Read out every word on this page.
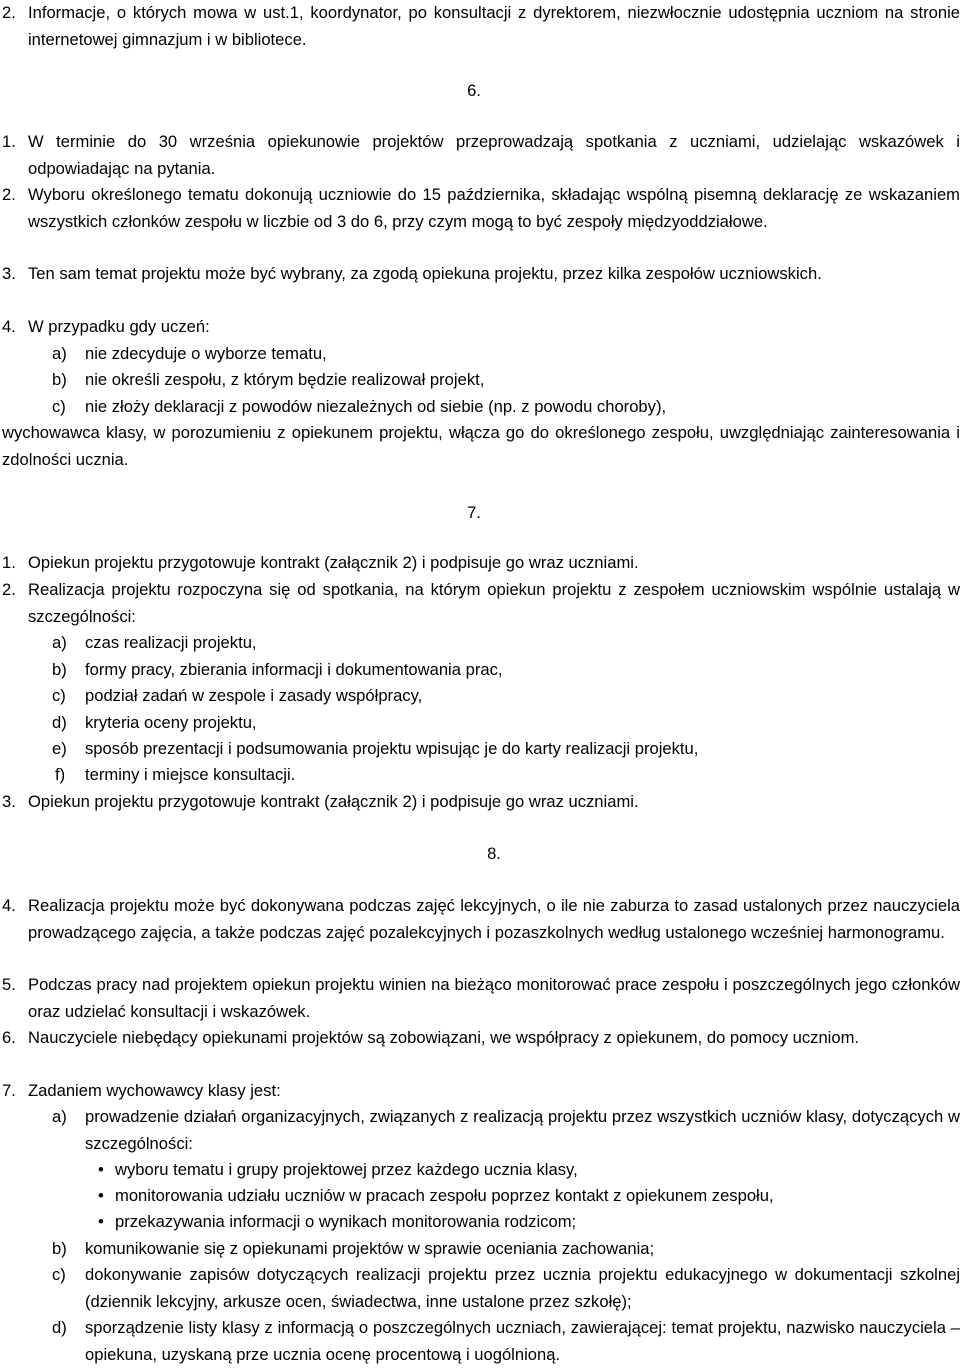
2. Informacje, o których mowa w ust.1, koordynator, po konsultacji z dyrektorem, niezwłocznie udostępnia uczniom na stronie internetowej gimnazjum i w bibliotece.
6.
1. W terminie do 30 września opiekunowie projektów przeprowadzają spotkania z uczniami, udzielając wskazówek i odpowiadając na pytania.
2. Wyboru określonego tematu dokonują uczniowie do 15 października, składając wspólną pisemną deklarację ze wskazaniem wszystkich członków zespołu w liczbie od 3 do 6, przy czym mogą to być zespoły międzyoddziałowe.
3. Ten sam temat projektu może być wybrany, za zgodą opiekuna projektu, przez kilka zespołów uczniowskich.
4. W przypadku gdy uczeń:
a) nie zdecyduje o wyborze tematu,
b) nie określi zespołu, z którym będzie realizował projekt,
c) nie złoży deklaracji z powodów niezależnych od siebie (np. z powodu choroby),
wychowawca klasy, w porozumieniu z opiekunem projektu, włącza go do określonego zespołu, uwzględniając zainteresowania i zdolności ucznia.
7.
1. Opiekun projektu przygotowuje kontrakt (załącznik 2) i podpisuje go wraz uczniami.
2. Realizacja projektu rozpoczyna się od spotkania, na którym opiekun projektu z zespołem uczniowskim wspólnie ustalają w szczególności:
a) czas realizacji projektu,
b) formy pracy, zbierania informacji i dokumentowania prac,
c) podział zadań w zespole i zasady współpracy,
d) kryteria oceny projektu,
e) sposób prezentacji i podsumowania projektu wpisując je do karty realizacji projektu,
f) terminy i miejsce konsultacji.
3. Opiekun projektu przygotowuje kontrakt (załącznik 2) i podpisuje go wraz uczniami.
8.
4. Realizacja projektu może być dokonywana podczas zajęć lekcyjnych, o ile nie zaburza to zasad ustalonych przez nauczyciela prowadzącego zajęcia, a także podczas zajęć pozalekcyjnych i pozaszkolnych według ustalonego wcześniej harmonogramu.
5. Podczas pracy nad projektem opiekun projektu winien na bieżąco monitorować prace zespołu i poszczególnych jego członków oraz udzielać konsultacji i wskazówek.
6. Nauczyciele niebędący opiekunami projektów są zobowiązani, we współpracy z opiekunem, do pomocy uczniom.
7. Zadaniem wychowawcy klasy jest:
a) prowadzenie działań organizacyjnych, związanych z realizacją projektu przez wszystkich uczniów klasy, dotyczących w szczególności:
• wyboru tematu i grupy projektowej przez każdego ucznia klasy,
• monitorowania udziału uczniów w pracach zespołu poprzez kontakt z opiekunem zespołu,
• przekazywania informacji o wynikach monitorowania rodzicom;
b) komunikowanie się z opiekunami projektów w sprawie oceniania zachowania;
c) dokonywanie zapisów dotyczących realizacji projektu przez ucznia projektu edukacyjnego w dokumentacji szkolnej (dziennik lekcyjny, arkusze ocen, świadectwa, inne ustalone przez szkołę);
d) sporządzenie listy klasy z informacją o poszczególnych uczniach, zawierającej: temat projektu, nazwisko nauczyciela – opiekuna, uzyskaną prze ucznia ocenę procentową i uogólnioną.
